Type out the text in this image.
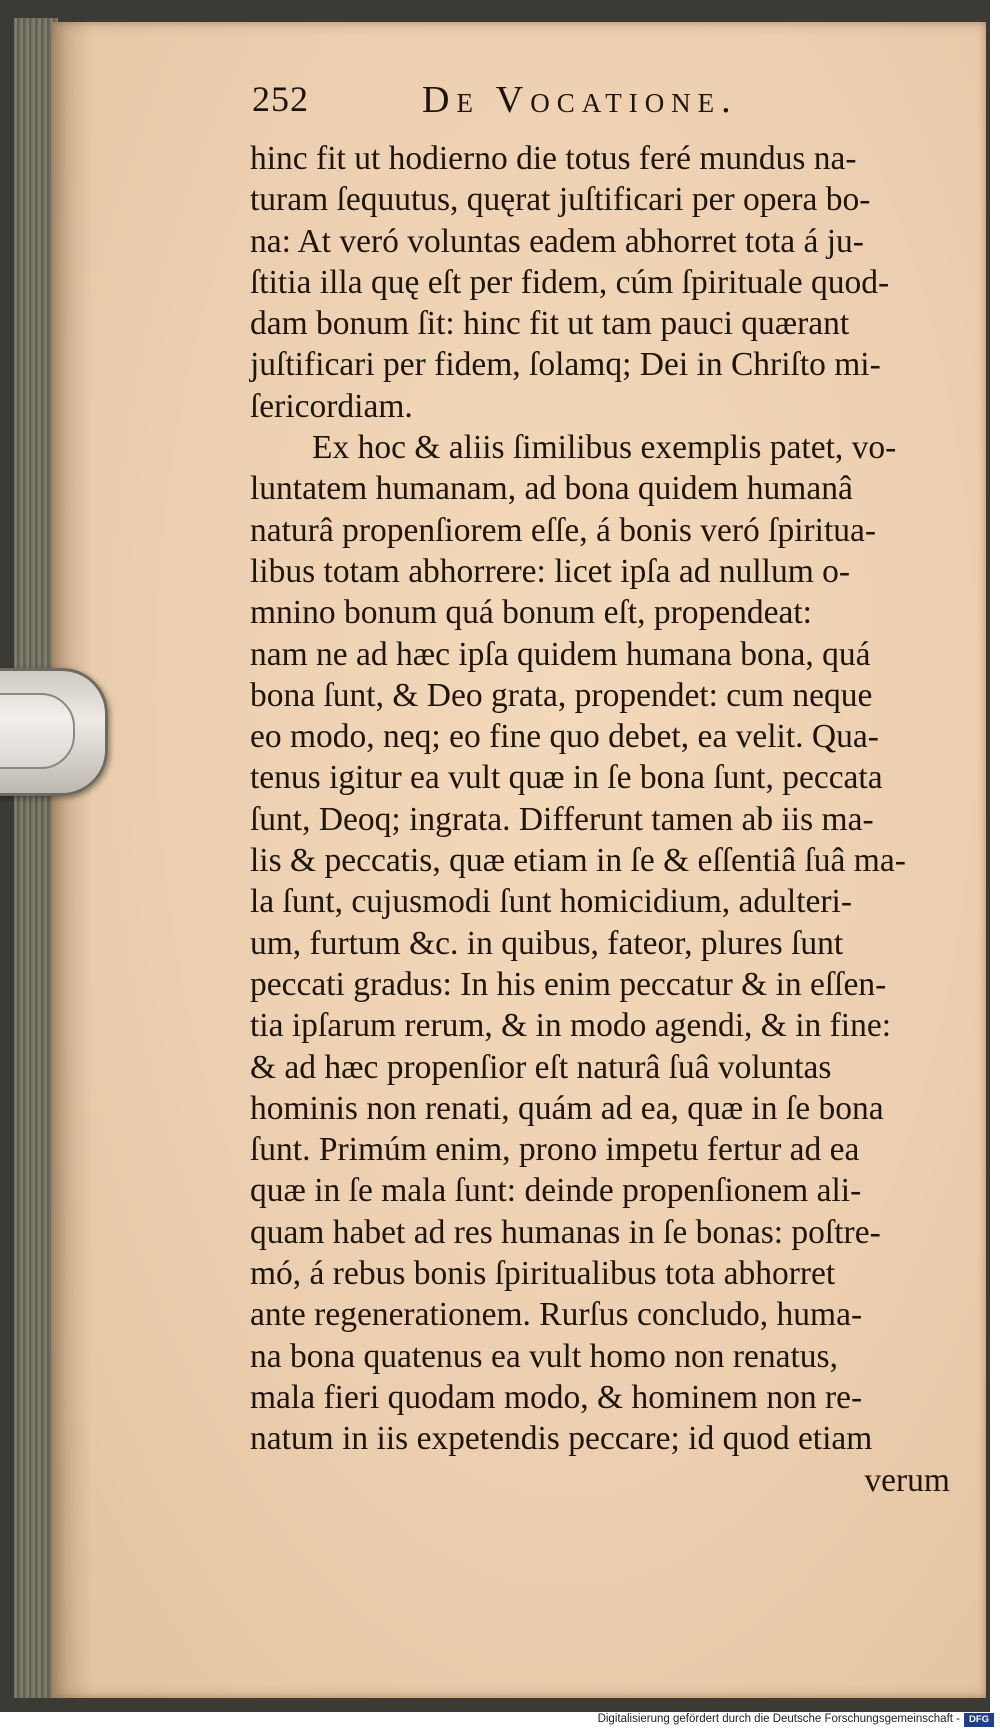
252	De Vocatione.
hinc fit ut hodierno die totus feré mundus na-
turam ſequutus, quęrat juſtificari per opera bo-
na: At veró voluntas eadem abhorret tota á ju-
ſtitia illa quę eſt per fidem, cúm ſpirituale quod-
dam bonum ſit: hinc fit ut tam pauci quærant
juſtificari per fidem, ſolamq; Dei in Chriſto mi-
ſericordiam.
Ex hoc & aliis ſimilibus exemplis patet, vo-
luntatem humanam, ad bona quidem humanâ
naturâ propenſiorem eſſe, á bonis veró ſpiritua-
libus totam abhorrere: licet ipſa ad nullum o-
mnino bonum quá bonum eſt, propendeat:
nam ne ad hæc ipſa quidem humana bona, quá
bona ſunt, & Deo grata, propendet: cum neque
eo modo, neq; eo fine quo debet, ea velit. Qua-
tenus igitur ea vult quæ in ſe bona ſunt, peccata
ſunt, Deoq; ingrata. Differunt tamen ab iis ma-
lis & peccatis, quæ etiam in ſe & eſſentiâ ſuâ ma-
la ſunt, cujusmodi ſunt homicidium, adulteri-
um, furtum &c. in quibus, fateor, plures ſunt
peccati gradus: In his enim peccatur & in eſſen-
tia ipſarum rerum, & in modo agendi, & in fine:
& ad hæc propenſior eſt naturâ ſuâ voluntas
hominis non renati, quám ad ea, quæ in ſe bona
ſunt. Primúm enim, prono impetu fertur ad ea
quæ in ſe mala ſunt: deinde propenſionem ali-
quam habet ad res humanas in ſe bonas: poſtre-
mó, á rebus bonis ſpiritualibus tota abhorret
ante regenerationem. Rurſus concludo, huma-
na bona quatenus ea vult homo non renatus,
mala fieri quodam modo, & hominem non re-
natum in iis expetendis peccare; id quod etiam
verum
Digitalisierung gefördert durch die Deutsche Forschungsgemeinschaft - DFG
